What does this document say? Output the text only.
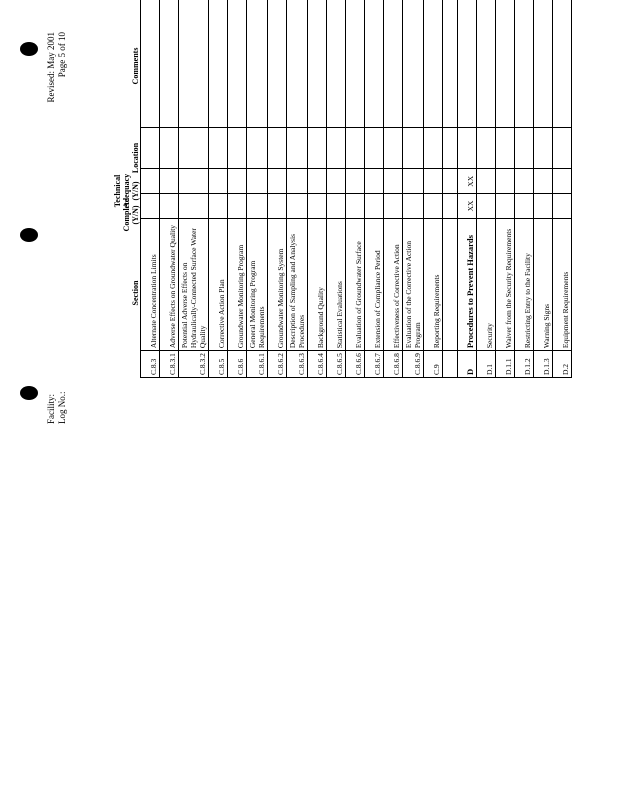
Facility: Log No.:
Revised: May 2001 Page 5 of 10
Section
Complete (Y/N)
Technical Adequacy (Y/N)
Location
Comments
C.8.3	Alternate Concentration Limits				
C.8.3.1	Adverse Effects on Groundwater Quality				
C.8.3.2	Potential Adverse Effects on Hydraulically-Connected Surface Water Quality				
C.8.5	Corrective Action Plan				
C.8.6	Groundwater Monitoring Program				
C.8.6.1	General Monitoring Program Requirements				
C.8.6.2	Groundwater Monitoring System				
C.8.6.3	Description of Sampling and Analysis Procedures				
C.8.6.4	Background Quality				
C.8.6.5	Statistical Evaluations				
C.8.6.6	Evaluation of Groundwater Surface				
C.8.6.7	Extension of Compliance Period				
C.8.6.8	Effectiveness of Corrective Action				
C.8.6.9	Evaluation of the Corrective Action Program				
C.9	Reporting Requirements				

D	Procedures to Prevent Hazards	XX	XX		
D.1	Security				
D.1.1	Waiver from the Security Requirements				
D.1.2	Restricting Entry to the Facility				
D.1.3	Warning Signs				
D.2	Equipment Requirements				
